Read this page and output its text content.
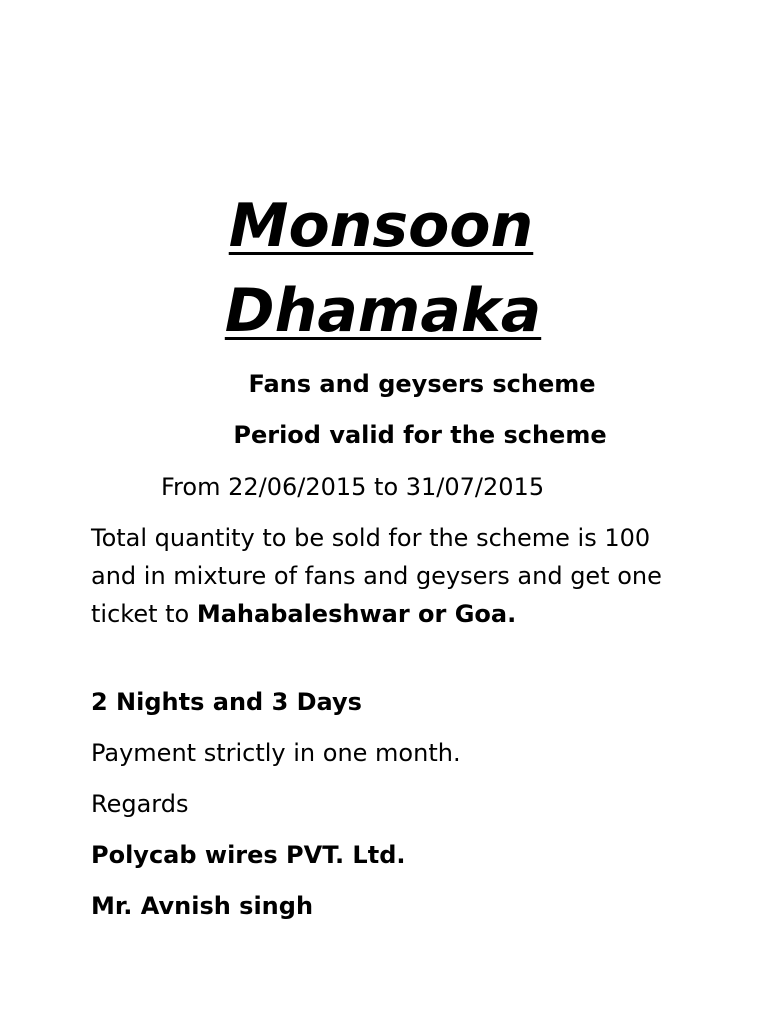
Monsoon
Dhamaka
Fans and geysers scheme
Period valid for the scheme
From 22/06/2015 to 31/07/2015

Total quantity to be sold for the scheme is 100 and in mixture of fans and geysers and get one ticket to Mahabaleshwar or Goa.

2 Nights and 3 Days

Payment strictly in one month.

Regards

Polycab wires PVT. Ltd.

Mr. Avnish singh
